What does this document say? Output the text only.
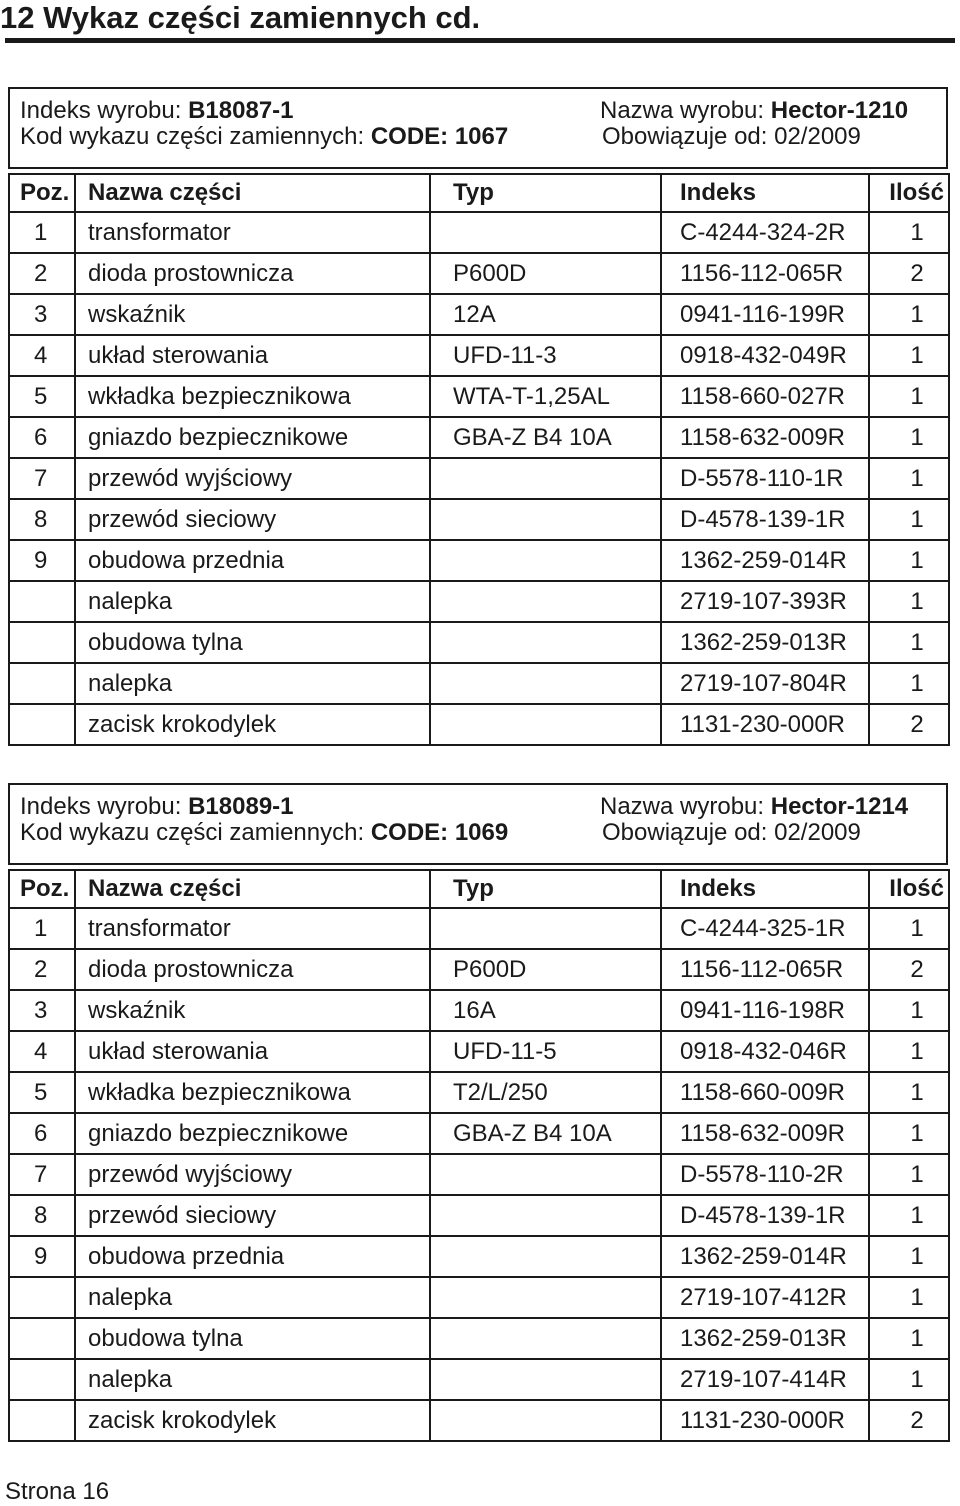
12 Wykaz części zamiennych cd.
Indeks wyrobu: B18087-1
Kod wykazu części zamiennych: CODE: 1067
Nazwa wyrobu: Hector-1210
Obowiązuje od: 02/2009
Poz.	Nazwa części	Typ	Indeks	Ilość
1	transformator		C-4244-324-2R	1
2	dioda prostownicza	P600D	1156-112-065R	2
3	wskaźnik	12A	0941-116-199R	1
4	układ sterowania	UFD-11-3	0918-432-049R	1
5	wkładka bezpiecznikowa	WTA-T-1,25AL	1158-660-027R	1
6	gniazdo bezpiecznikowe	GBA-Z B4 10A	1158-632-009R	1
7	przewód wyjściowy		D-5578-110-1R	1
8	przewód sieciowy		D-4578-139-1R	1
9	obudowa przednia		1362-259-014R	1
	nalepka		2719-107-393R	1
	obudowa tylna		1362-259-013R	1
	nalepka		2719-107-804R	1
	zacisk krokodylek		1131-230-000R	2
Indeks wyrobu: B18089-1
Kod wykazu części zamiennych: CODE: 1069
Nazwa wyrobu: Hector-1214
Obowiązuje od: 02/2009
Poz.	Nazwa części	Typ	Indeks	Ilość
1	transformator		C-4244-325-1R	1
2	dioda prostownicza	P600D	1156-112-065R	2
3	wskaźnik	16A	0941-116-198R	1
4	układ sterowania	UFD-11-5	0918-432-046R	1
5	wkładka bezpiecznikowa	T2/L/250	1158-660-009R	1
6	gniazdo bezpiecznikowe	GBA-Z B4 10A	1158-632-009R	1
7	przewód wyjściowy		D-5578-110-2R	1
8	przewód sieciowy		D-4578-139-1R	1
9	obudowa przednia		1362-259-014R	1
	nalepka		2719-107-412R	1
	obudowa tylna		1362-259-013R	1
	nalepka		2719-107-414R	1
	zacisk krokodylek		1131-230-000R	2
Strona 16
